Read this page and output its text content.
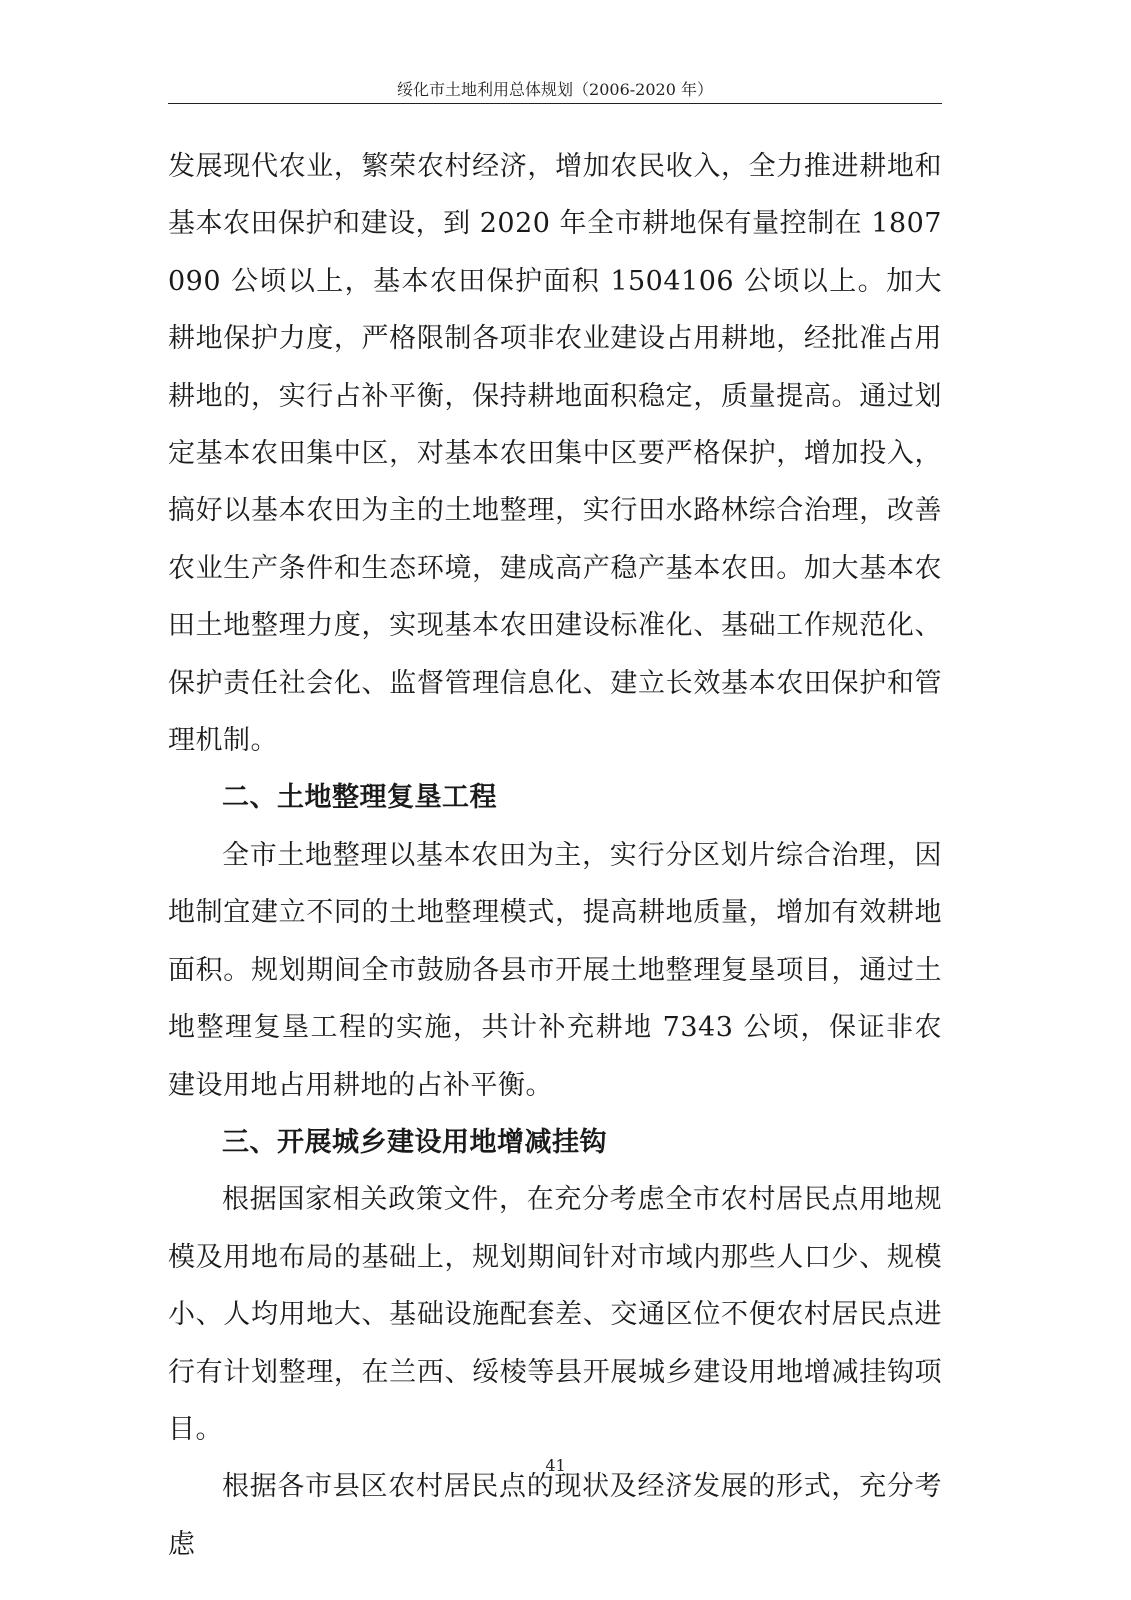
绥化市土地利用总体规划（2006-2020 年）

发展现代农业，繁荣农村经济，增加农民收入，全力推进耕地和基本农田保护和建设，到 2020 年全市耕地保有量控制在 1807090 公顷以上，基本农田保护面积 1504106 公顷以上。加大耕地保护力度，严格限制各项非农业建设占用耕地，经批准占用耕地的，实行占补平衡，保持耕地面积稳定，质量提高。通过划定基本农田集中区，对基本农田集中区要严格保护，增加投入，搞好以基本农田为主的土地整理，实行田水路林综合治理，改善农业生产条件和生态环境，建成高产稳产基本农田。加大基本农田土地整理力度，实现基本农田建设标准化、基础工作规范化、保护责任社会化、监督管理信息化、建立长效基本农田保护和管理机制。

二、土地整理复垦工程

全市土地整理以基本农田为主，实行分区划片综合治理，因地制宜建立不同的土地整理模式，提高耕地质量，增加有效耕地面积。规划期间全市鼓励各县市开展土地整理复垦项目，通过土地整理复垦工程的实施，共计补充耕地 7343 公顷，保证非农建设用地占用耕地的占补平衡。

三、开展城乡建设用地增减挂钩

根据国家相关政策文件，在充分考虑全市农村居民点用地规模及用地布局的基础上，规划期间针对市域内那些人口少、规模小、人均用地大、基础设施配套差、交通区位不便农村居民点进行有计划整理，在兰西、绥棱等县开展城乡建设用地增减挂钩项目。

根据各市县区农村居民点的现状及经济发展的形式，充分考虑

41
